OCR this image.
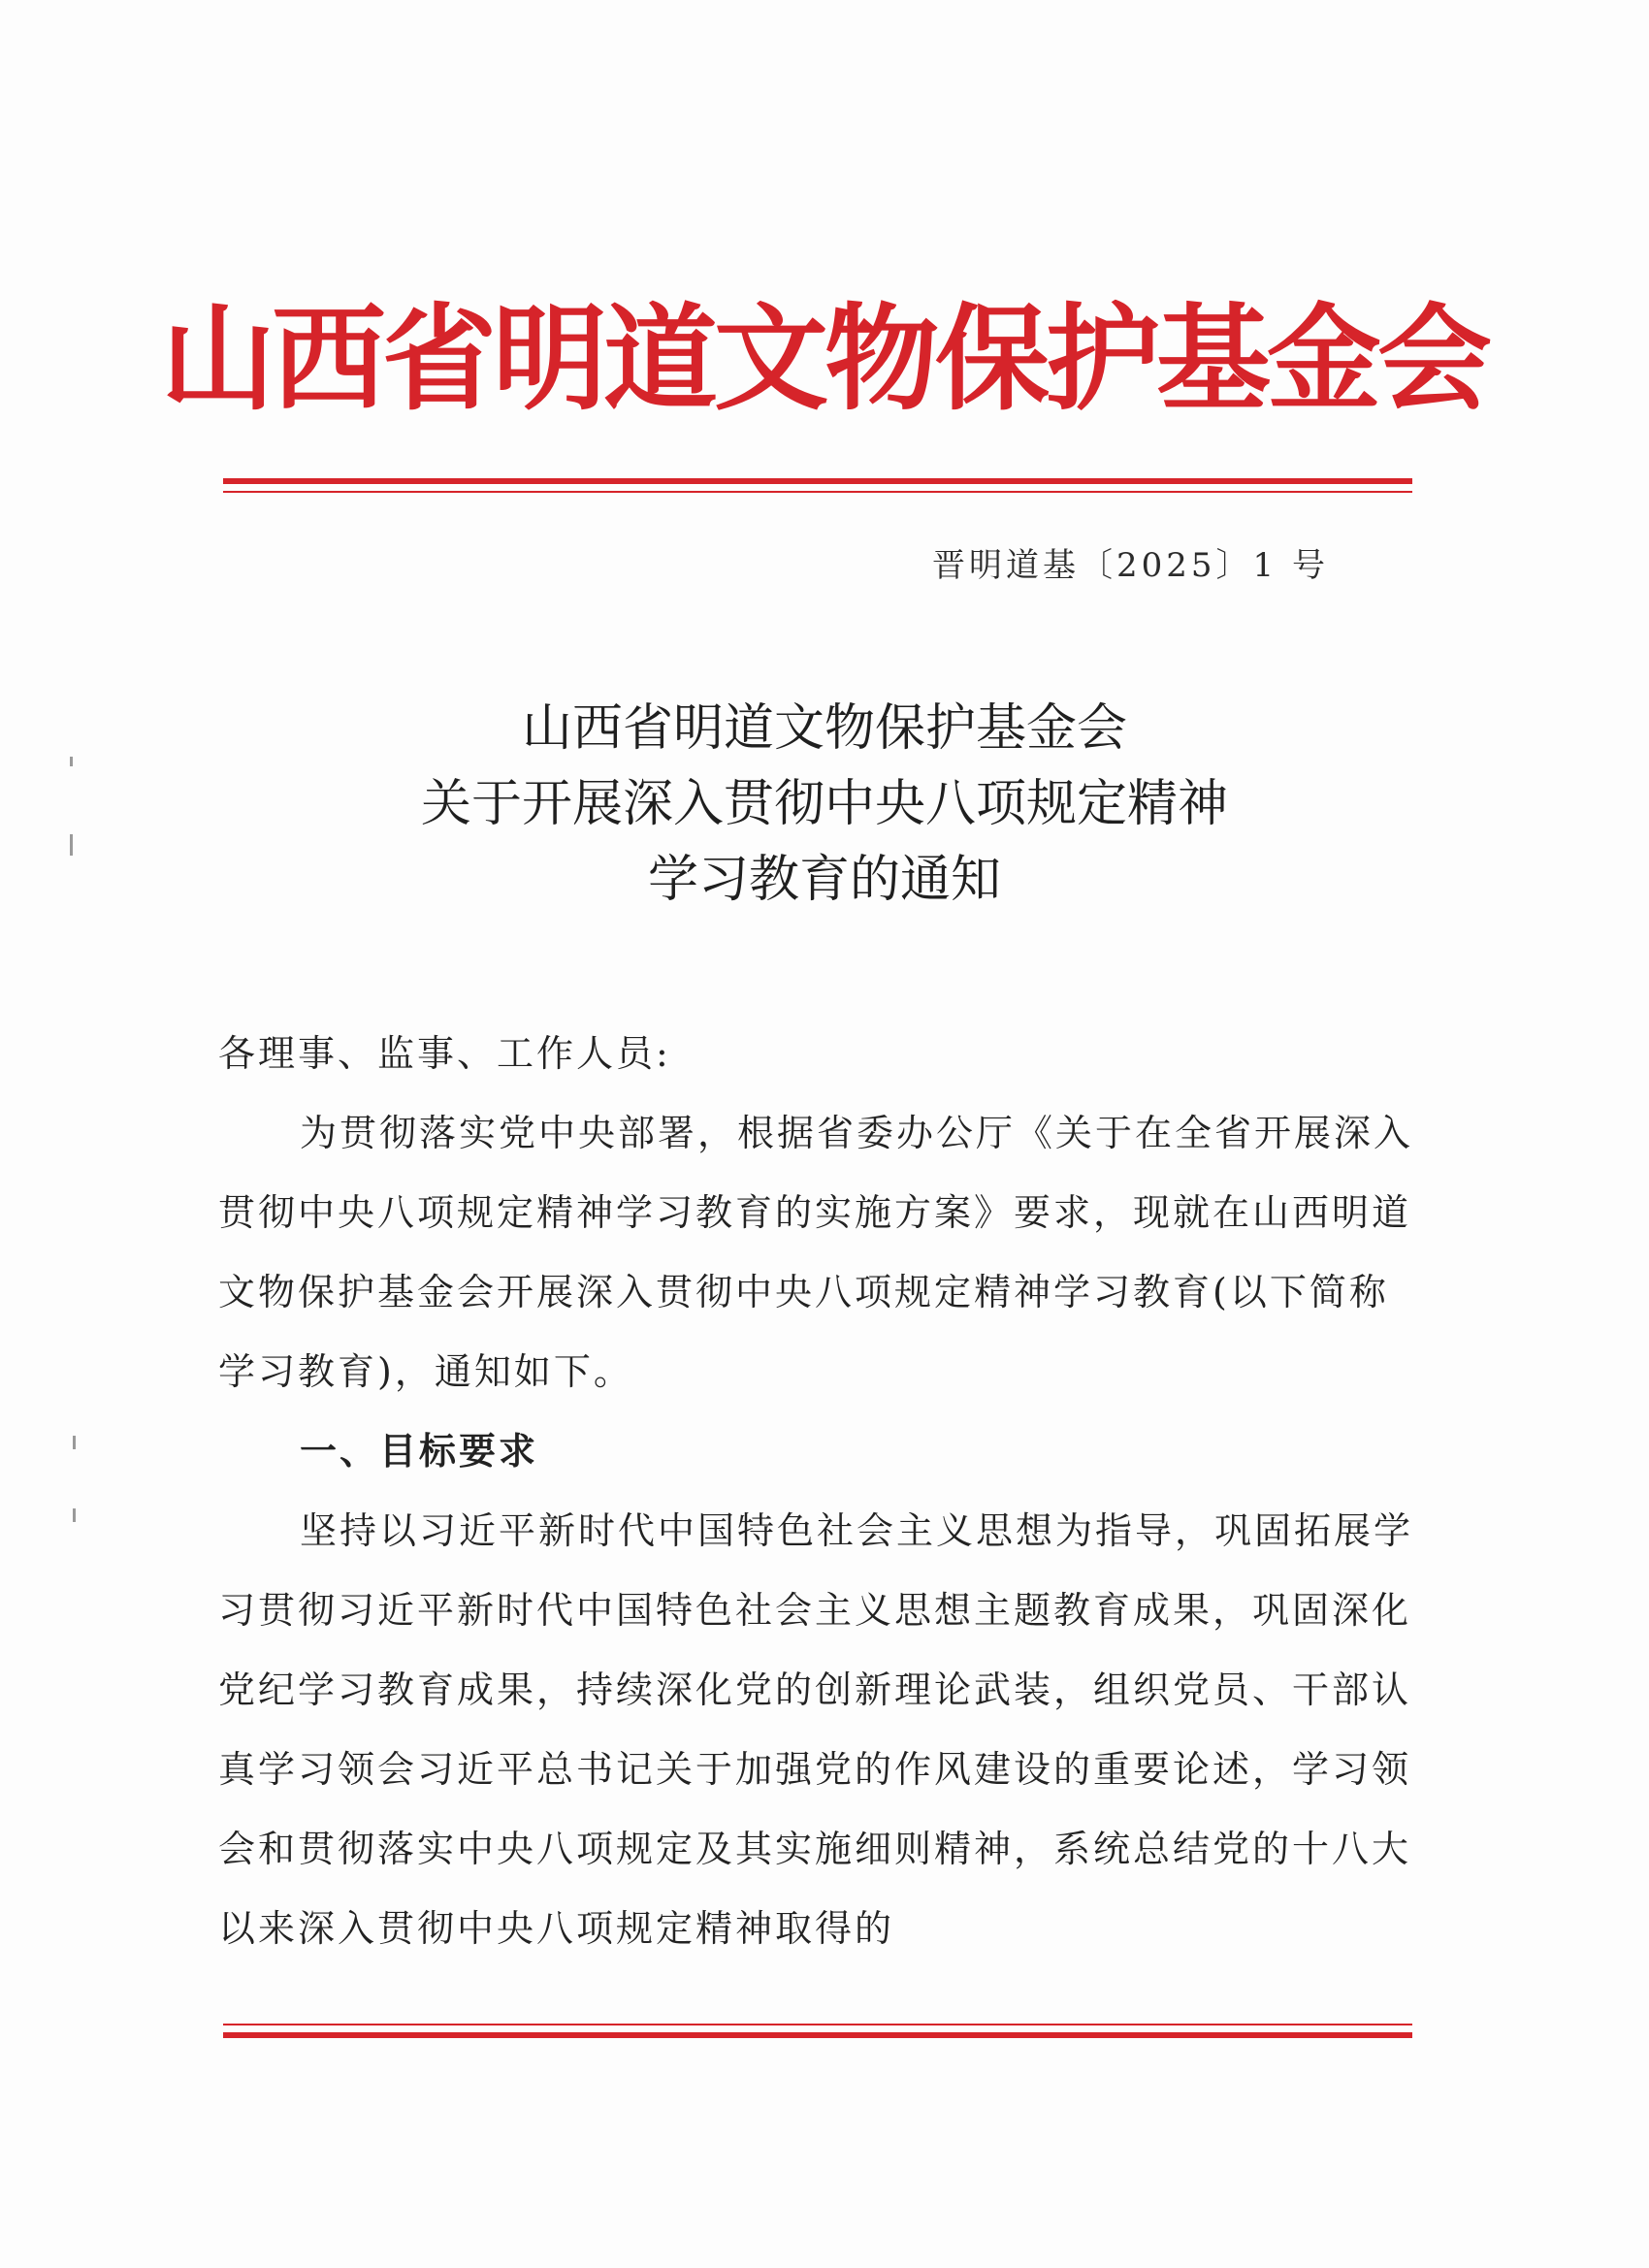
山西省明道文物保护基金会
晋明道基〔2025〕1 号
山西省明道文物保护基金会
关于开展深入贯彻中央八项规定精神
学习教育的通知

各理事、监事、工作人员:

为贯彻落实党中央部署，根据省委办公厅《关于在全省开展深入贯彻中央八项规定精神学习教育的实施方案》要求，现就在山西明道文物保护基金会开展深入贯彻中央八项规定精神学习教育(以下简称学习教育)，通知如下。

一、目标要求

坚持以习近平新时代中国特色社会主义思想为指导，巩固拓展学习贯彻习近平新时代中国特色社会主义思想主题教育成果，巩固深化党纪学习教育成果，持续深化党的创新理论武装，组织党员、干部认真学习领会习近平总书记关于加强党的作风建设的重要论述，学习领会和贯彻落实中央八项规定及其实施细则精神，系统总结党的十八大以来深入贯彻中央八项规定精神取得的
